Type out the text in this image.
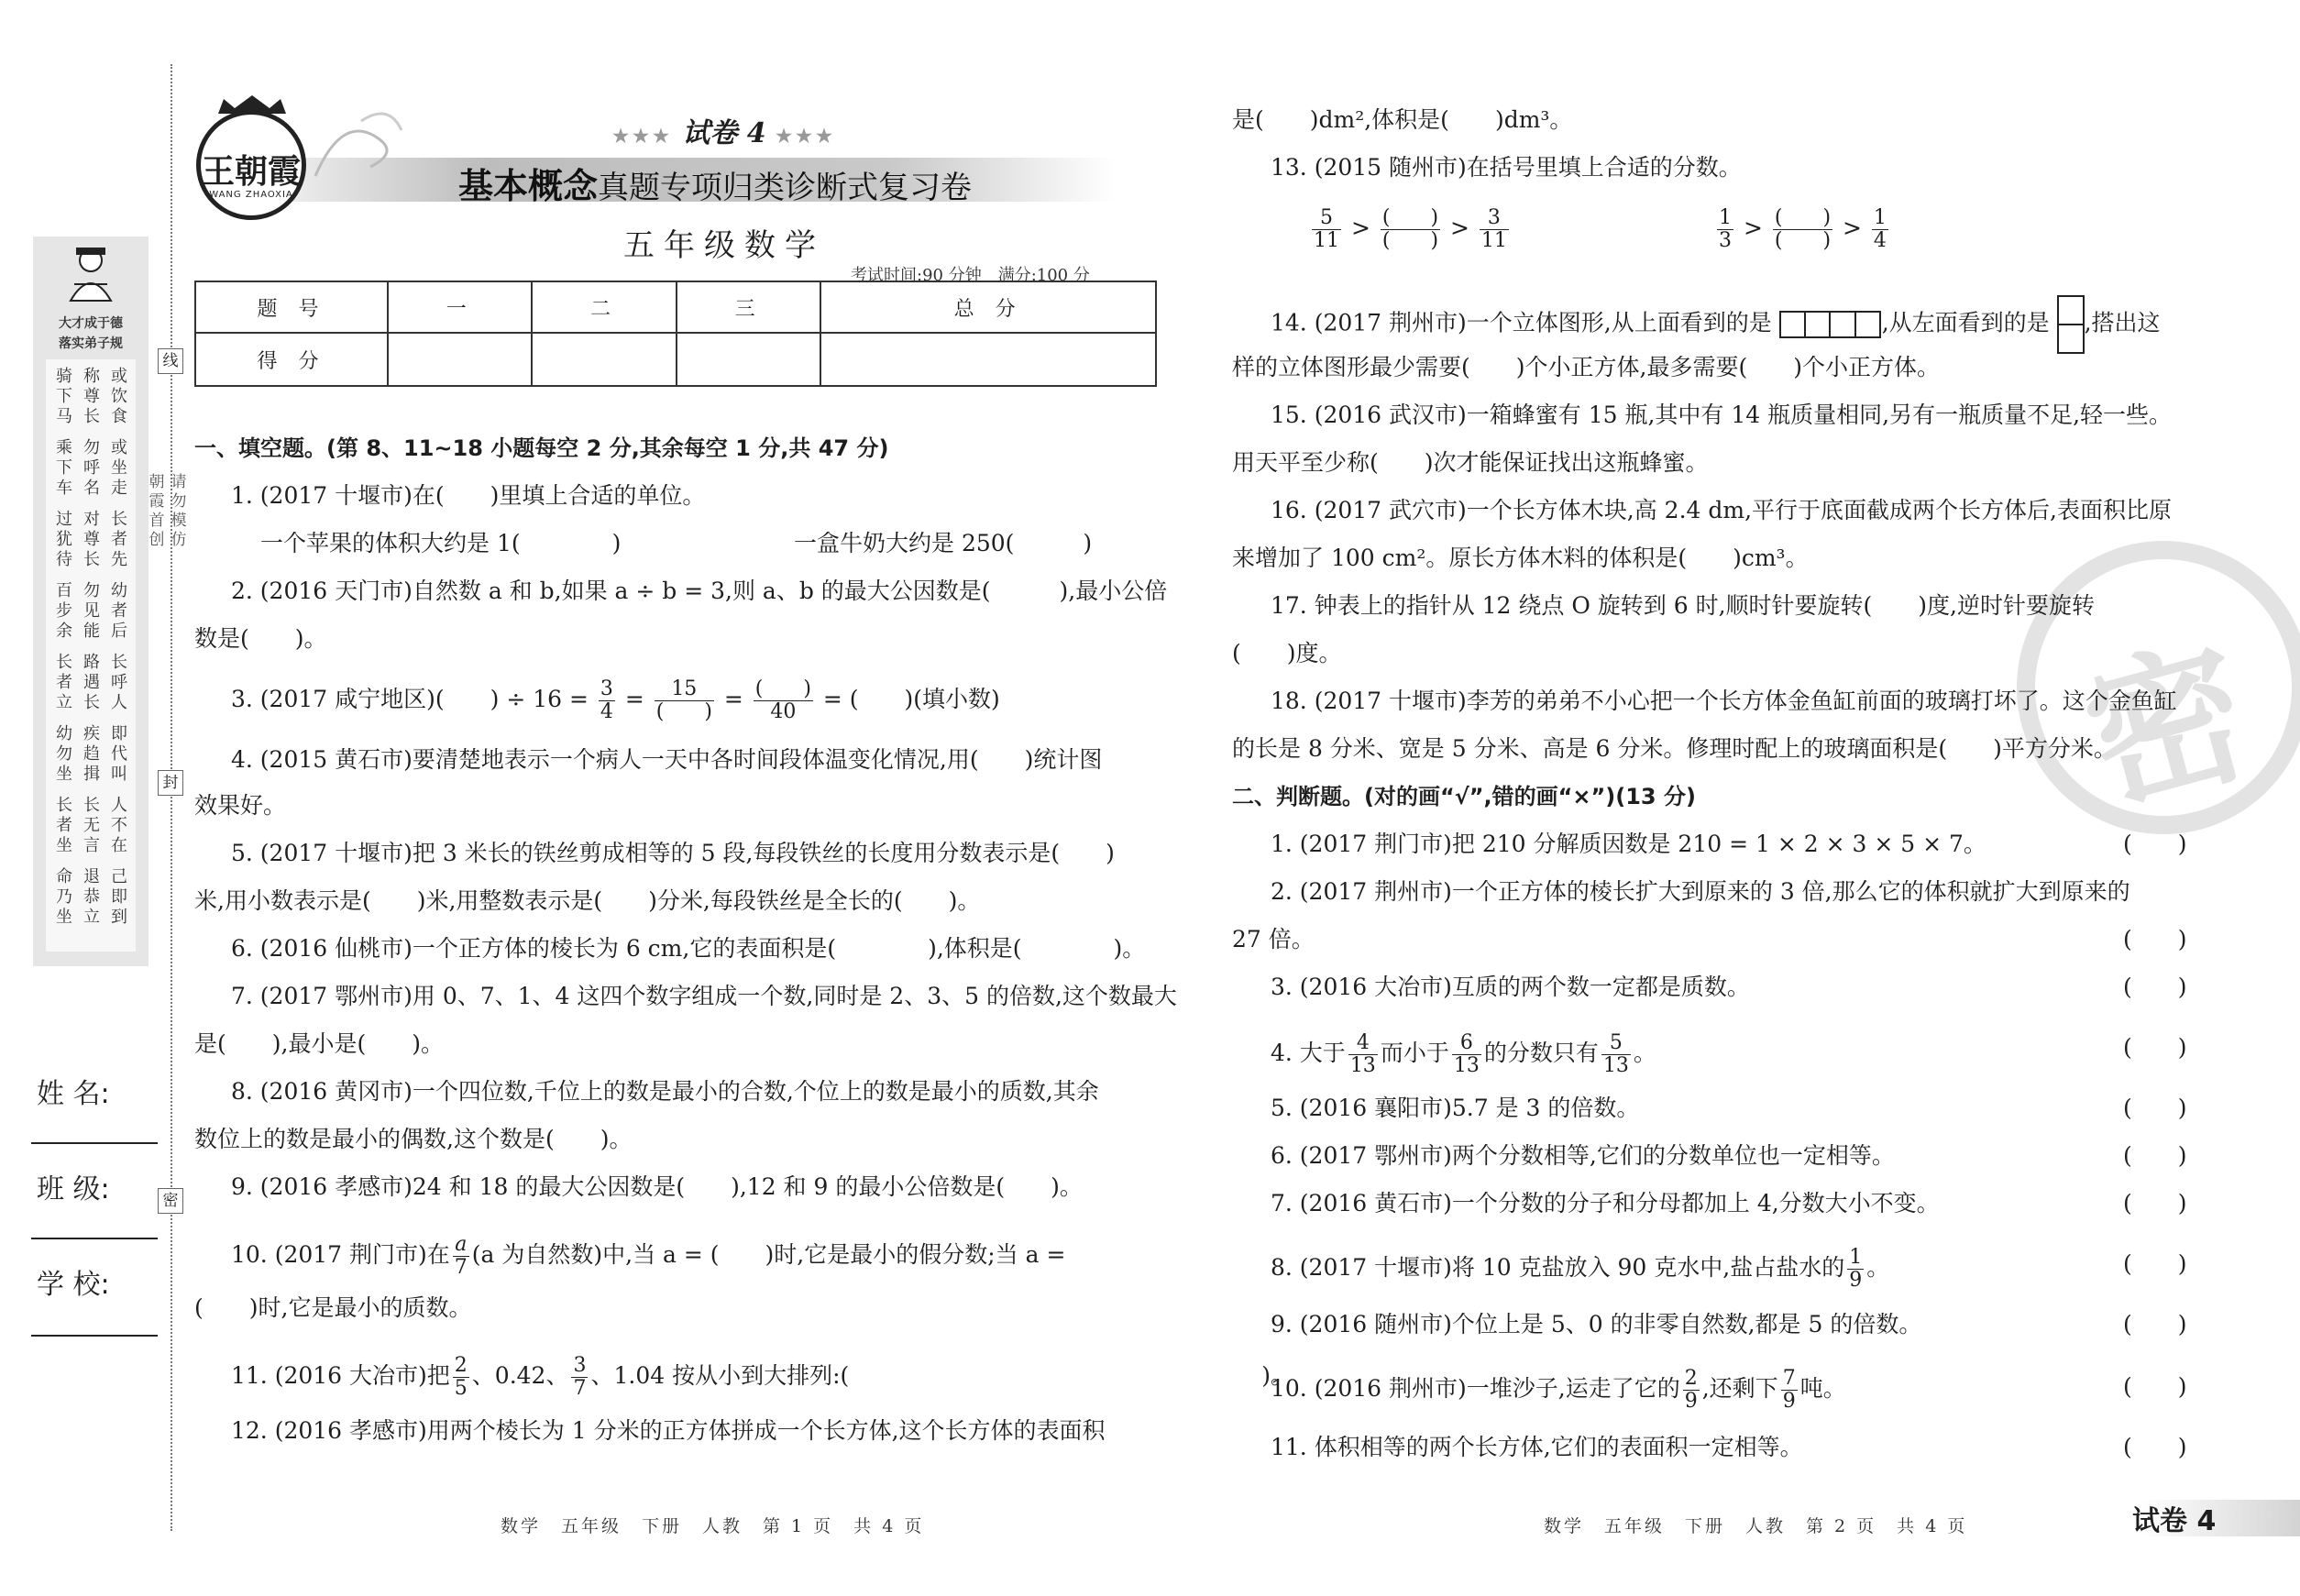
大才成于德
落实弟子规
骑
下
马
乘
下
车
过
犹
待
百
步
余
长
者
立
幼
勿
坐
长
者
坐
命
乃
坐
称
尊
长
勿
呼
名
对
尊
长
勿
见
能
路
遇
长
疾
趋
揖
长
无
言
退
恭
立
或
饮
食
或
坐
走
长
者
先
幼
者
后
长
呼
人
即
代
叫
人
不
在
己
即
到
线
封
密
朝
霞
首
创
请
勿
模
仿
姓 名:
班 级:
学 校:
王朝霞
WANG ZHAOXIA
★★★ 试卷 4 ★★★
基本概念真题专项归类诊断式复习卷
五年级数学
考试时间:90 分钟　满分:100 分
题 号	一	二	三	总 分
得 分				
一、填空题。(第 8、11~18 小题每空 2 分,其余每空 1 分,共 47 分)
1. (2017 十堰市)在(　　)里填上合适的单位。
一个苹果的体积大约是 1(　　　　)	一盒牛奶大约是 250(　　　)
2. (2016 天门市)自然数 a 和 b,如果 a ÷ b = 3,则 a、b 的最大公因数是(　　　),最小公倍
数是(　　)。
3. (2017 咸宁地区)(　　) ÷ $16 = \frac{3}{4} = \frac{15}{( )} = \frac{( )}{40}$ = (　　)(填小数)
4. (2015 黄石市)要清楚地表示一个病人一天中各时间段体温变化情况,用(　　)统计图
效果好。
5. (2017 十堰市)把 3 米长的铁丝剪成相等的 5 段,每段铁丝的长度用分数表示是(　　)
米,用小数表示是(　　)米,用整数表示是(　　)分米,每段铁丝是全长的(　　)。
6. (2016 仙桃市)一个正方体的棱长为 6 cm,它的表面积是(　　　　),体积是(　　　　)。
7. (2017 鄂州市)用 0、7、1、4 这四个数字组成一个数,同时是 2、3、5 的倍数,这个数最大
是(　　),最小是(　　)。
8. (2016 黄冈市)一个四位数,千位上的数是最小的合数,个位上的数是最小的质数,其余
数位上的数是最小的偶数,这个数是(　　)。
9. (2016 孝感市)24 和 18 的最大公因数是(　　),12 和 9 的最小公倍数是(　　)。
10. (2017 荆门市)在 $\frac{a}{7} (a$ 为自然数)中,当 a = (　　)时,它是最小的假分数;当 a =
(　　)时,它是最小的质数。
11. (2016 大冶市)把 $\frac{2}{5}$ 、0.42、 $\frac{3}{7}$ 、1.04 按从小到大排列:(　　　　　　　　　　　　　　　　　　)。
12. (2016 孝感市)用两个棱长为 1 分米的正方体拼成一个长方体,这个长方体的表面积
数学　五年级　下册　人教　第 1 页　共 4 页
密
是(　　)dm²,体积是(　　)dm³。
13. (2015 随州市)在括号里填上合适的分数。
$\frac{5}{11} > \frac{( )}{( )} > \frac{3}{11}$	$\frac{1}{3} > \frac{( )}{( )} > \frac{1}{4}$
14. (2017 荆州市)一个立体图形,从上面看到的是	,从左面看到的是 ,搭出这
样的立体图形最少需要(　　)个小正方体,最多需要(　　)个小正方体。
15. (2016 武汉市)一箱蜂蜜有 15 瓶,其中有 14 瓶质量相同,另有一瓶质量不足,轻一些。
用天平至少称(　　)次才能保证找出这瓶蜂蜜。
16. (2017 武穴市)一个长方体木块,高 2.4 dm,平行于底面截成两个长方体后,表面积比原
来增加了 100 cm²。原长方体木料的体积是(　　)cm³。
17. 钟表上的指针从 12 绕点 O 旋转到 6 时,顺时针要旋转(　　)度,逆时针要旋转
(　　)度。
18. (2017 十堰市)李芳的弟弟不小心把一个长方体金鱼缸前面的玻璃打坏了。这个金鱼缸
的长是 8 分米、宽是 5 分米、高是 6 分米。修理时配上的玻璃面积是(　　)平方分米。
二、判断题。(对的画“√”,错的画“×”)(13 分)
1. (2017 荆门市)把 210 分解质因数是 210 = 1 × 2 × 3 × 5 × 7。	(　　)
2. (2017 荆州市)一个正方体的棱长扩大到原来的 3 倍,那么它的体积就扩大到原来的
27 倍。	(　　)
3. (2016 大冶市)互质的两个数一定都是质数。	(　　)
4. 大于 $\frac{4}{13}$ 而小于 $\frac{6}{13}$ 的分数只有 $\frac{5}{13}$ 。	(　　)
5. (2016 襄阳市)5.7 是 3 的倍数。	(　　)
6. (2017 鄂州市)两个分数相等,它们的分数单位也一定相等。	(　　)
7. (2016 黄石市)一个分数的分子和分母都加上 4,分数大小不变。	(　　)
8. (2017 十堰市)将 10 克盐放入 90 克水中,盐占盐水的 $\frac{1}{9}$ 。	(　　)
9. (2016 随州市)个位上是 5、0 的非零自然数,都是 5 的倍数。	(　　)
10. (2016 荆州市)一堆沙子,运走了它的 $\frac{2}{9}$ ,还剩下 $\frac{7}{9}$ 吨。	(　　)
11. 体积相等的两个长方体,它们的表面积一定相等。	(　　)
数学　五年级　下册　人教　第 2 页　共 4 页	试卷 4
